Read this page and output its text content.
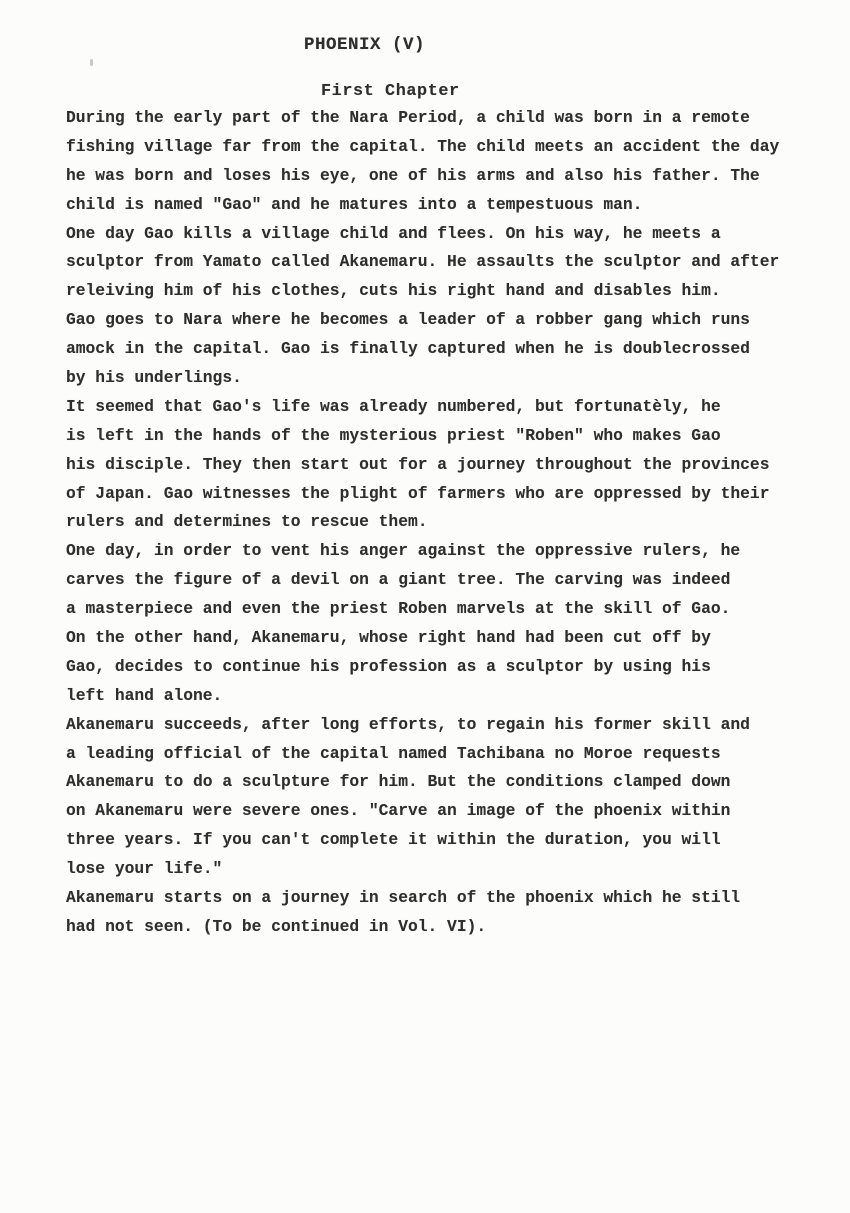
PHOENIX (V)
First Chapter
During the early part of the Nara Period, a child was born in a remote
fishing village far from the capital. The child meets an accident the day
he was born and loses his eye, one of his arms and also his father. The
child is named "Gao" and he matures into a tempestuous man.
One day Gao kills a village child and flees. On his way, he meets a
sculptor from Yamato called Akanemaru. He assaults the sculptor and after
releiving him of his clothes, cuts his right hand and disables him.
Gao goes to Nara where he becomes a leader of a robber gang which runs
amock in the capital. Gao is finally captured when he is doublecrossed
by his underlings.
It seemed that Gao's life was already numbered, but fortunatèly, he
is left in the hands of the mysterious priest "Roben" who makes Gao
his disciple. They then start out for a journey throughout the provinces
of Japan. Gao witnesses the plight of farmers who are oppressed by their
rulers and determines to rescue them.
One day, in order to vent his anger against the oppressive rulers, he
carves the figure of a devil on a giant tree. The carving was indeed
a masterpiece and even the priest Roben marvels at the skill of Gao.
On the other hand, Akanemaru, whose right hand had been cut off by
Gao, decides to continue his profession as a sculptor by using his
left hand alone.
Akanemaru succeeds, after long efforts, to regain his former skill and
a leading official of the capital named Tachibana no Moroe requests
Akanemaru to do a sculpture for him. But the conditions clamped down
on Akanemaru were severe ones. "Carve an image of the phoenix within
three years. If you can't complete it within the duration, you will
lose your life."
Akanemaru starts on a journey in search of the phoenix which he still
had not seen. (To be continued in Vol. VI).
